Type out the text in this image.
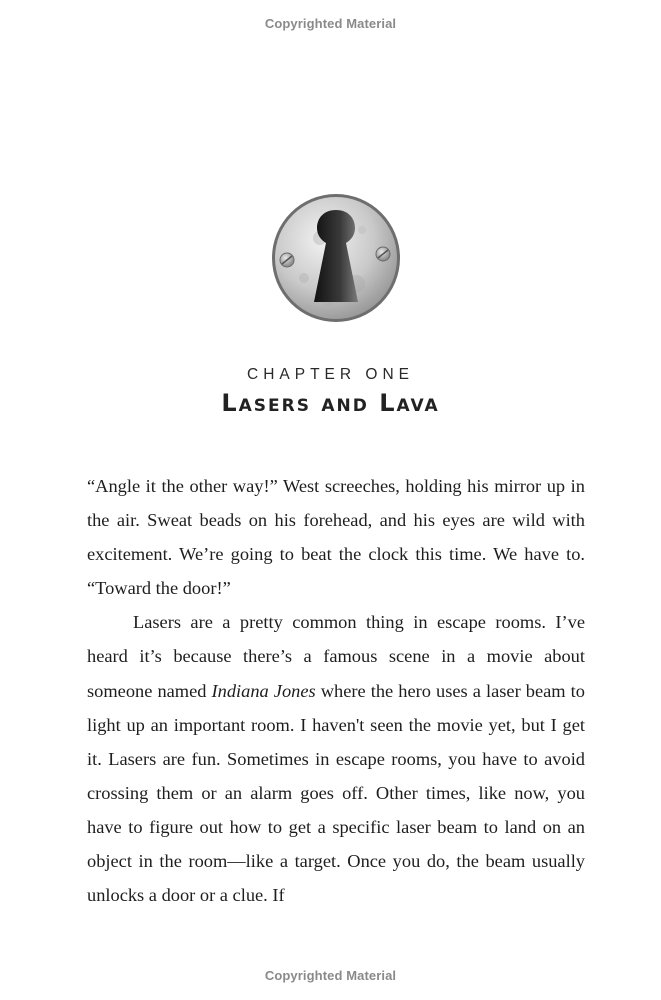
Copyrighted Material
CHAPTER ONE
Lasers and Lava

“Angle it the other way!” West screeches, holding his mirror up in the air. Sweat beads on his forehead, and his eyes are wild with excitement. We’re going to beat the clock this time. We have to. “Toward the door!”

Lasers are a pretty common thing in escape rooms. I’ve heard it’s because there’s a famous scene in a movie about someone named Indiana Jones where the hero uses a laser beam to light up an important room. I haven't seen the movie yet, but I get it. Lasers are fun. Sometimes in escape rooms, you have to avoid crossing them or an alarm goes off. Other times, like now, you have to figure out how to get a specific laser beam to land on an object in the room—like a target. Once you do, the beam usually unlocks a door or a clue. If

Copyrighted Material
